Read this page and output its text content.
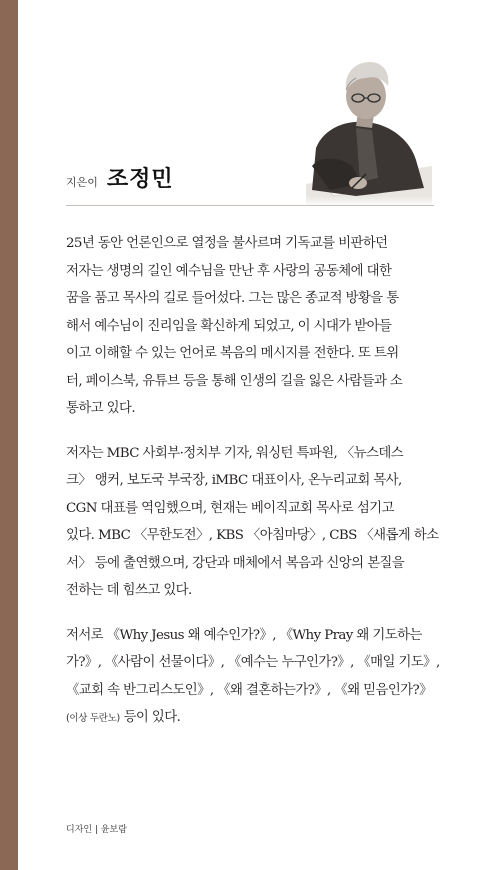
지은이 조정민
25년 동안 언론인으로 열정을 불사르며 기독교를 비판하던
저자는 생명의 길인 예수님을 만난 후 사랑의 공동체에 대한
꿈을 품고 목사의 길로 들어섰다. 그는 많은 종교적 방황을 통
해서 예수님이 진리임을 확신하게 되었고, 이 시대가 받아들
이고 이해할 수 있는 언어로 복음의 메시지를 전한다. 또 트위
터, 페이스북, 유튜브 등을 통해 인생의 길을 잃은 사람들과 소
통하고 있다.
저자는 MBC 사회부·정치부 기자, 워싱턴 특파원, 〈뉴스데스
크〉 앵커, 보도국 부국장, iMBC 대표이사, 온누리교회 목사,
CGN 대표를 역임했으며, 현재는 베이직교회 목사로 섬기고
있다. MBC 〈무한도전〉, KBS 〈아침마당〉, CBS 〈새롭게 하소
서〉 등에 출연했으며, 강단과 매체에서 복음과 신앙의 본질을
전하는 데 힘쓰고 있다.
저서로 《Why Jesus 왜 예수인가?》, 《Why Pray 왜 기도하는
가?》, 《사람이 선물이다》, 《예수는 누구인가?》, 《매일 기도》,
《교회 속 반그리스도인》, 《왜 결혼하는가?》, 《왜 믿음인가?》
(이상 두란노) 등이 있다.
디자인 | 윤보람
